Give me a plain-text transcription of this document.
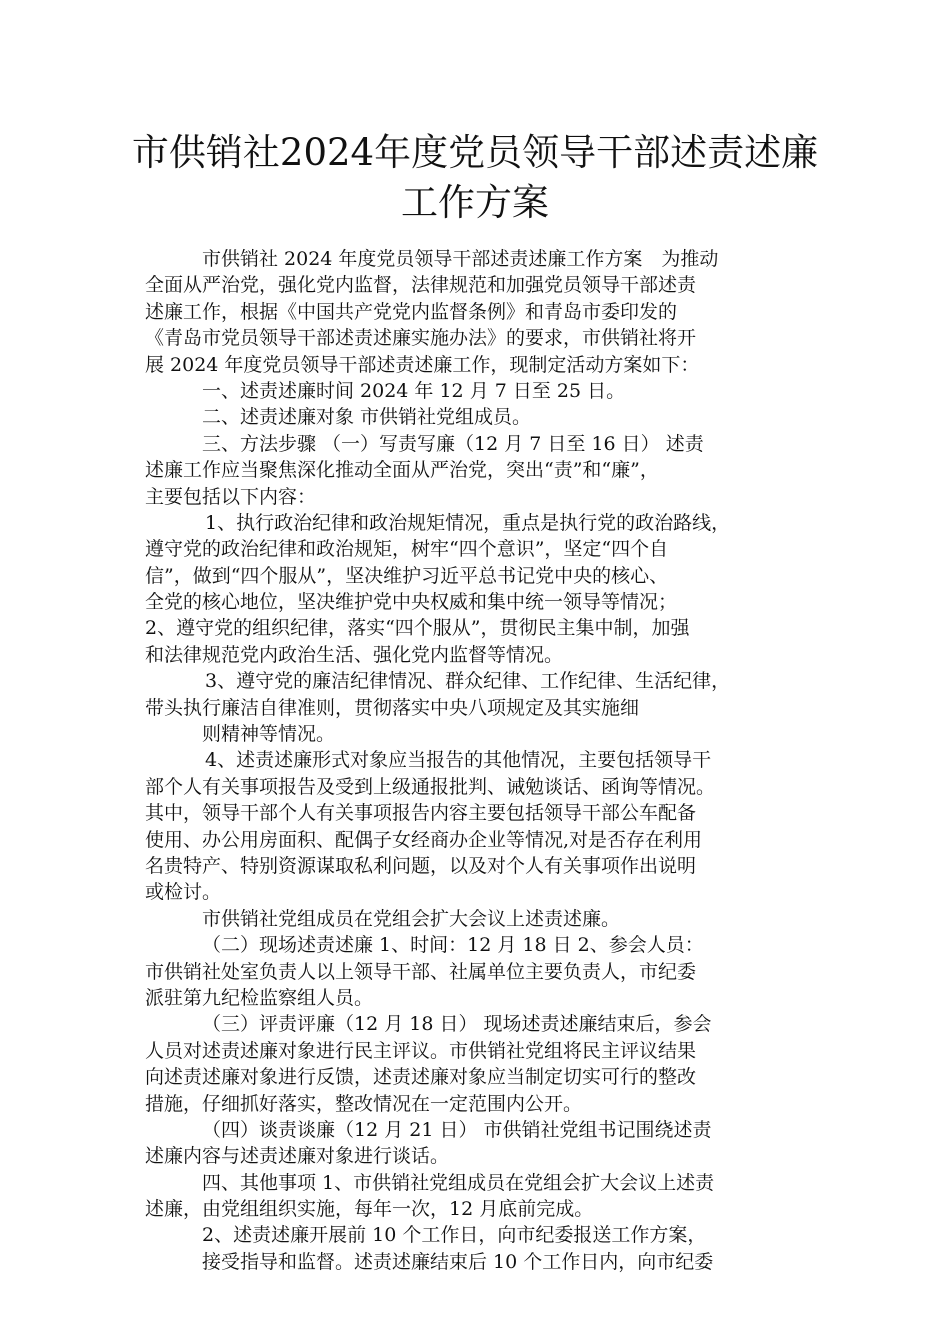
市供销社2024年度党员领导干部述责述廉
工作方案
市供销社 2024 年度党员领导干部述责述廉工作方案　为推动
全面从严治党，强化党内监督，法律规范和加强党员领导干部述责
述廉工作，根据《中国共产党党内监督条例》和青岛市委印发的
《青岛市党员领导干部述责述廉实施办法》的要求，市供销社将开
展 2024 年度党员领导干部述责述廉工作，现制定活动方案如下：
一、述责述廉时间 2024 年 12 月 7 日至 25 日。
二、述责述廉对象 市供销社党组成员。
三、方法步骤 （一）写责写廉（12 月 7 日至 16 日） 述责
述廉工作应当聚焦深化推动全面从严治党，突出“责”和“廉”，
主要包括以下内容：
1、执行政治纪律和政治规矩情况，重点是执行党的政治路线，
遵守党的政治纪律和政治规矩，树牢“四个意识”，坚定“四个自
信”，做到“四个服从”，坚决维护习近平总书记党中央的核心、
全党的核心地位，坚决维护党中央权威和集中统一领导等情况；
2、遵守党的组织纪律，落实“四个服从”，贯彻民主集中制，加强
和法律规范党内政治生活、强化党内监督等情况。
3、遵守党的廉洁纪律情况、群众纪律、工作纪律、生活纪律，
带头执行廉洁自律准则，贯彻落实中央八项规定及其实施细
则精神等情况。
4、述责述廉形式对象应当报告的其他情况，主要包括领导干
部个人有关事项报告及受到上级通报批判、诫勉谈话、函询等情况。
其中，领导干部个人有关事项报告内容主要包括领导干部公车配备
使用、办公用房面积、配偶子女经商办企业等情况,对是否存在利用
名贵特产、特别资源谋取私利问题，以及对个人有关事项作出说明
或检讨。
市供销社党组成员在党组会扩大会议上述责述廉。
（二）现场述责述廉 1、时间：12 月 18 日 2、参会人员：
市供销社处室负责人以上领导干部、社属单位主要负责人，市纪委
派驻第九纪检监察组人员。
（三）评责评廉（12 月 18 日） 现场述责述廉结束后，参会
人员对述责述廉对象进行民主评议。市供销社党组将民主评议结果
向述责述廉对象进行反馈，述责述廉对象应当制定切实可行的整改
措施，仔细抓好落实，整改情况在一定范围内公开。
（四）谈责谈廉（12 月 21 日） 市供销社党组书记围绕述责
述廉内容与述责述廉对象进行谈话。
四、其他事项 1、市供销社党组成员在党组会扩大会议上述责
述廉，由党组组织实施，每年一次，12 月底前完成。
2、述责述廉开展前 10 个工作日，向市纪委报送工作方案，
接受指导和监督。述责述廉结束后 10 个工作日内，向市纪委
